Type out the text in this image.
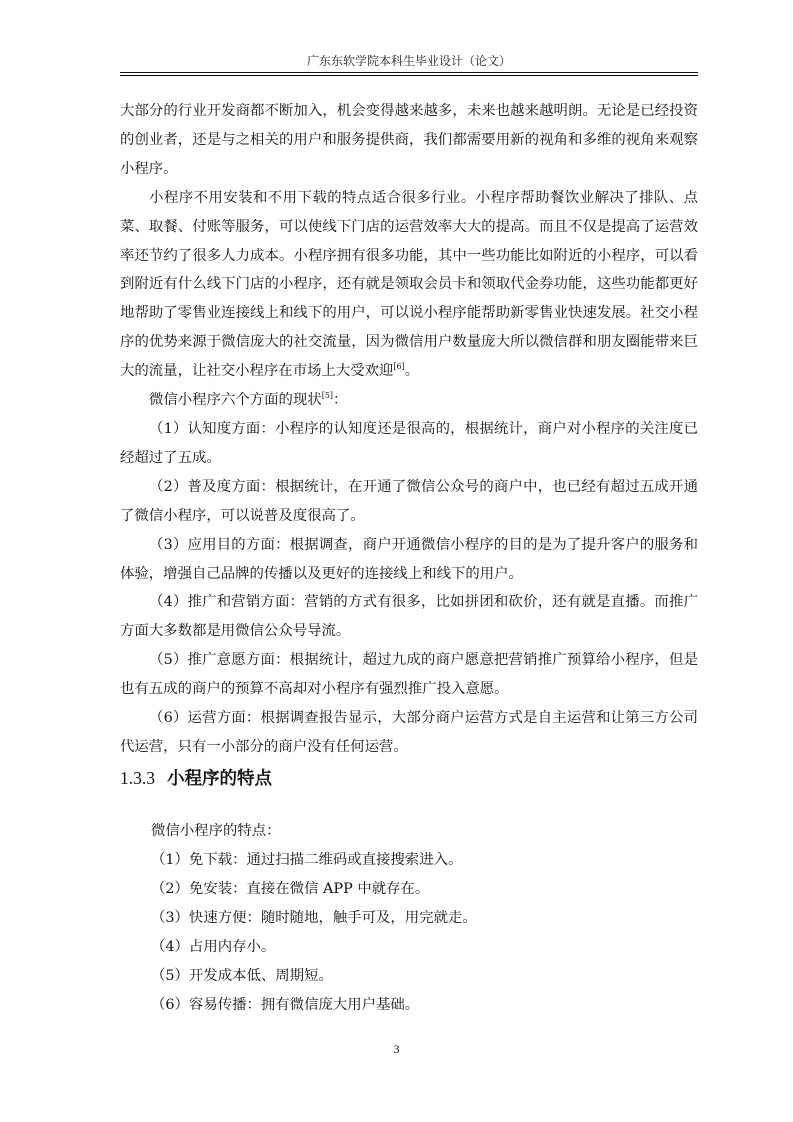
广东东软学院本科生毕业设计（论文）

大部分的行业开发商都不断加入，机会变得越来越多，未来也越来越明朗。无论是已经投资的创业者，还是与之相关的用户和服务提供商，我们都需要用新的视角和多维的视角来观察小程序。

小程序不用安装和不用下载的特点适合很多行业。小程序帮助餐饮业解决了排队、点菜、取餐、付账等服务，可以使线下门店的运营效率大大的提高。而且不仅是提高了运营效率还节约了很多人力成本。小程序拥有很多功能，其中一些功能比如附近的小程序，可以看到附近有什么线下门店的小程序，还有就是领取会员卡和领取代金券功能，这些功能都更好地帮助了零售业连接线上和线下的用户，可以说小程序能帮助新零售业快速发展。社交小程序的优势来源于微信庞大的社交流量，因为微信用户数量庞大所以微信群和朋友圈能带来巨大的流量，让社交小程序在市场上大受欢迎[6]。

微信小程序六个方面的现状[5]：

（1）认知度方面：小程序的认知度还是很高的，根据统计，商户对小程序的关注度已经超过了五成。

（2）普及度方面：根据统计，在开通了微信公众号的商户中，也已经有超过五成开通了微信小程序，可以说普及度很高了。

（3）应用目的方面：根据调查，商户开通微信小程序的目的是为了提升客户的服务和体验，增强自己品牌的传播以及更好的连接线上和线下的用户。

（4）推广和营销方面：营销的方式有很多，比如拼团和砍价，还有就是直播。而推广方面大多数都是用微信公众号导流。

（5）推广意愿方面：根据统计，超过九成的商户愿意把营销推广预算给小程序，但是也有五成的商户的预算不高却对小程序有强烈推广投入意愿。

（6）运营方面：根据调查报告显示，大部分商户运营方式是自主运营和让第三方公司代运营，只有一小部分的商户没有任何运营。

1.3.3 小程序的特点

微信小程序的特点：

（1）免下载：通过扫描二维码或直接搜索进入。

（2）免安装：直接在微信 APP 中就存在。

（3）快速方便：随时随地，触手可及，用完就走。

（4）占用内存小。

（5）开发成本低、周期短。

（6）容易传播：拥有微信庞大用户基础。

3
